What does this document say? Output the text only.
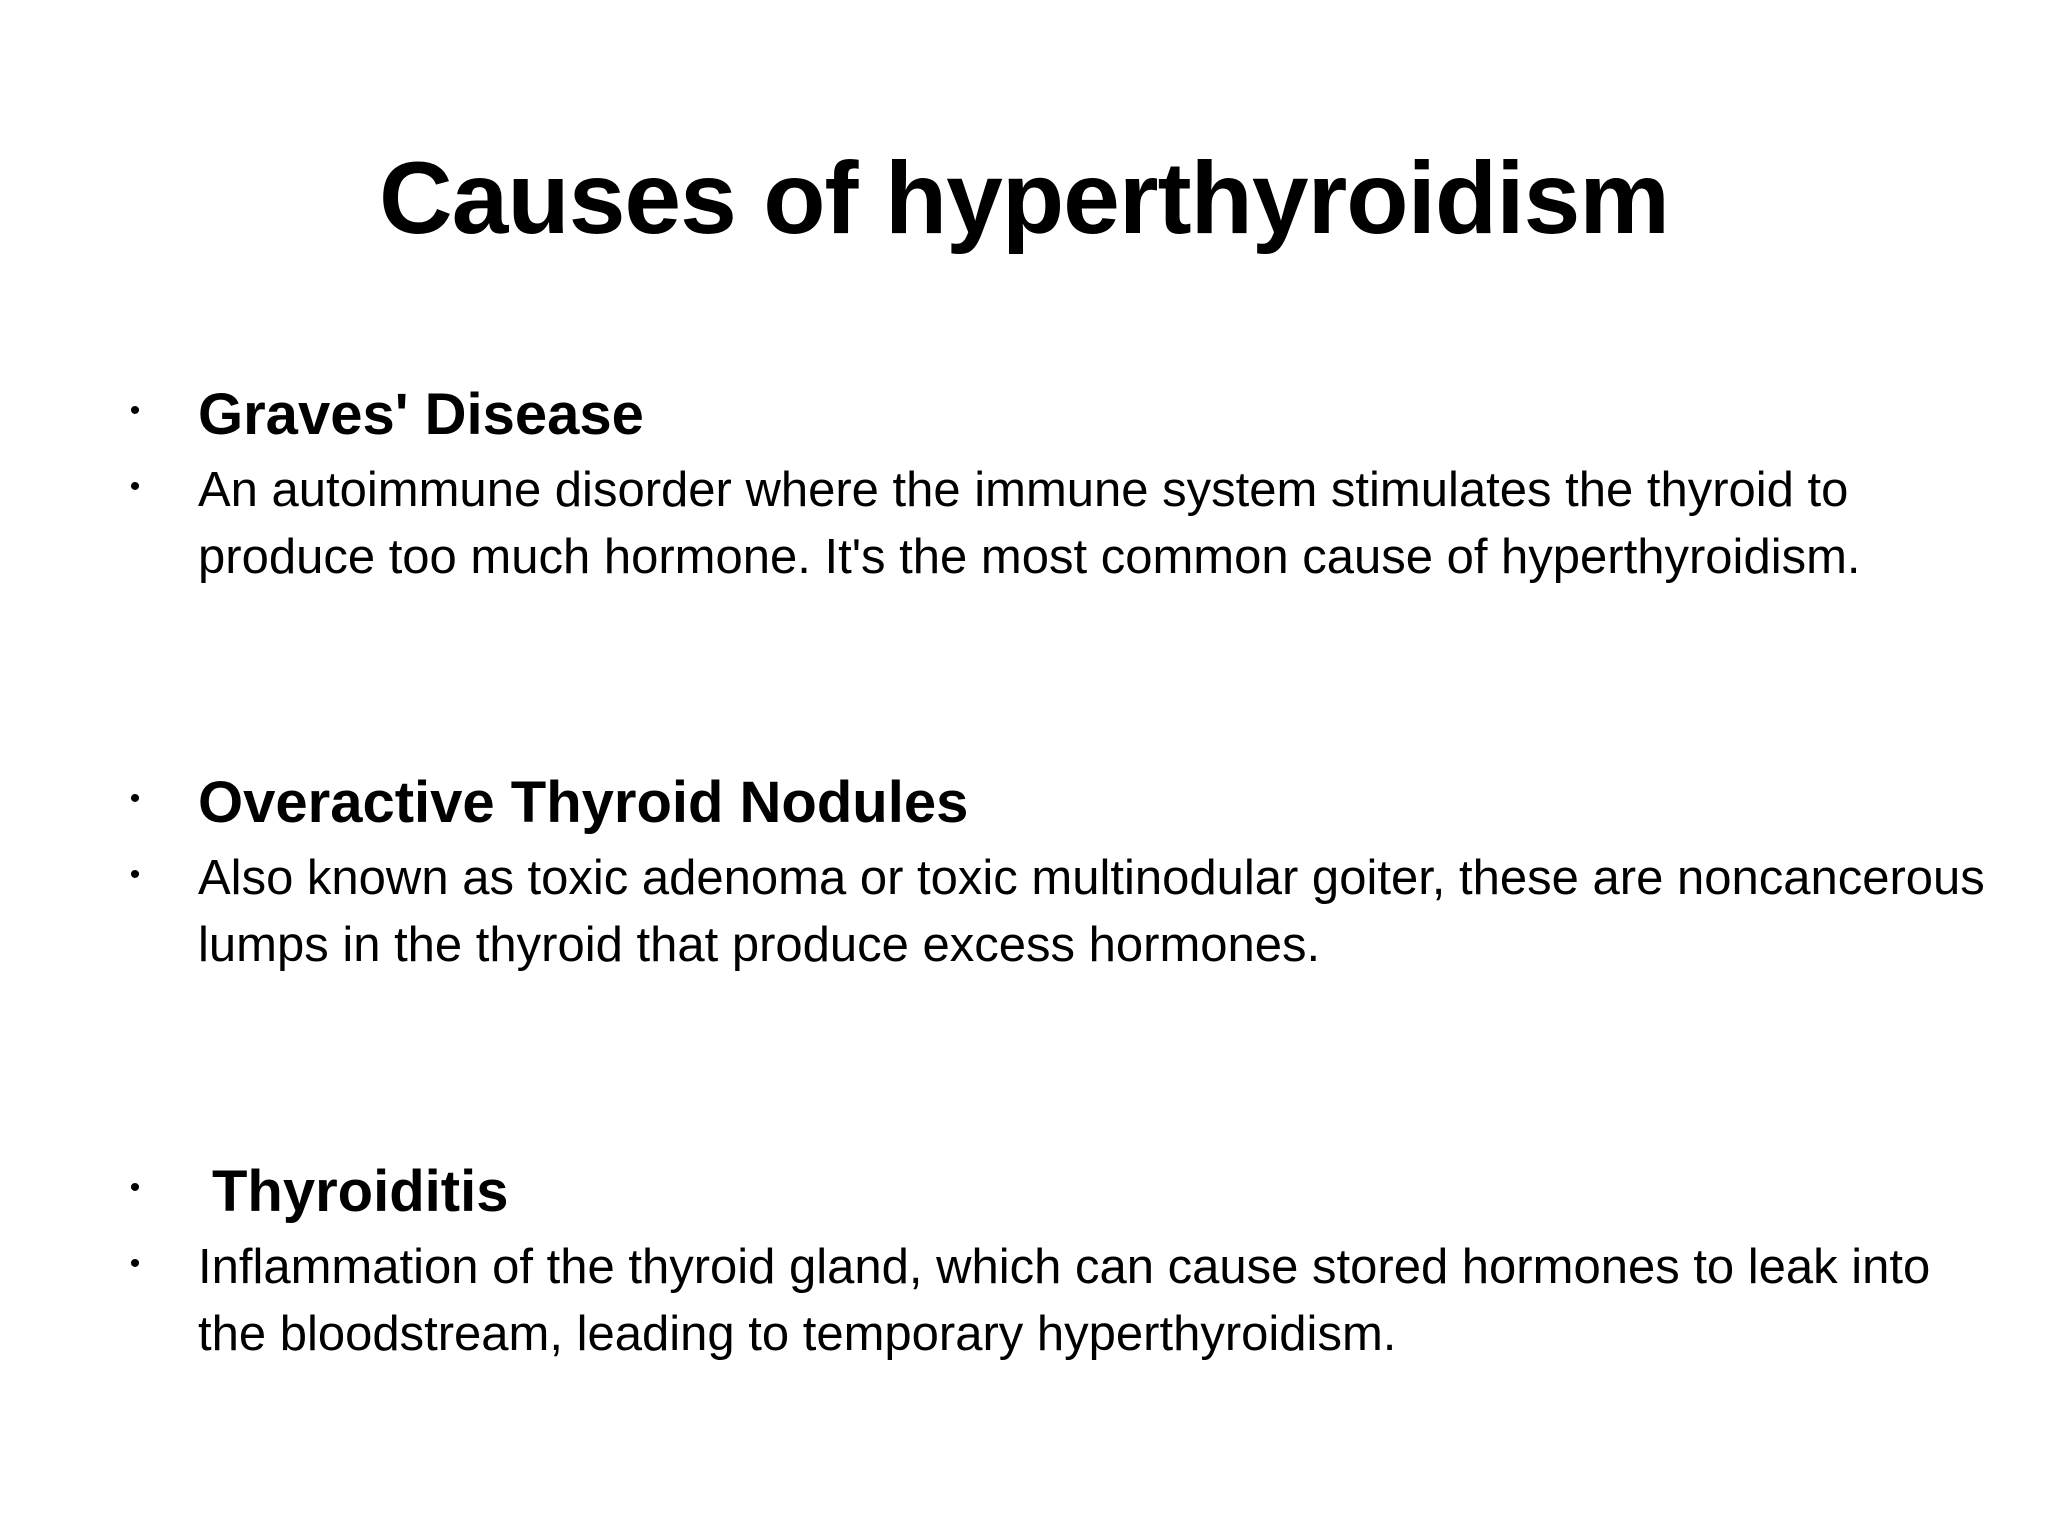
Causes of hyperthyroidism
• Graves' Disease
• An autoimmune disorder where the immune system stimulates the thyroid to produce too much hormone. It's the most common cause of hyperthyroidism.
• Overactive Thyroid Nodules
• Also known as toxic adenoma or toxic multinodular goiter, these are noncancerous lumps in the thyroid that produce excess hormones.
• Thyroiditis
• Inflammation of the thyroid gland, which can cause stored hormones to leak into the bloodstream, leading to temporary hyperthyroidism.
